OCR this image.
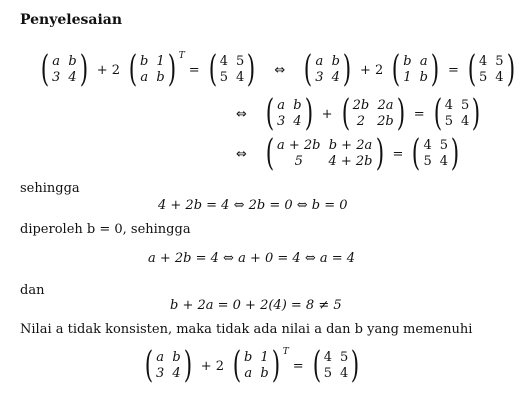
Penyelesaian
( a b
3 4 ) + 2 ( b 1
a b ) T
= ( 4 5
5 4 ) ⇔ ( a b
3 4 ) + 2 ( b a
1 b ) = ( 4 5
5 4 )
⇔ ( a b
3 4 ) + ( 2b 2a
2 2b ) = ( 4 5
5 4 )
⇔ ( a + 2b b + 2a
5	4 + 2b ) = ( 4 5
5 4 )
sehingga
4 + 2b = 4 ⇔ 2b = 0 ⇔ b = 0
diperoleh b = 0, sehingga
a + 2b = 4 ⇔ a + 0 = 4 ⇔ a = 4
dan
b + 2a = 0 + 2(4) = 8 ≠ 5
Nilai a tidak konsisten, maka tidak ada nilai a dan b yang memenuhi
( a b
3 4 ) + 2 ( b 1
a b ) T
= ( 4 5
5 4 )
